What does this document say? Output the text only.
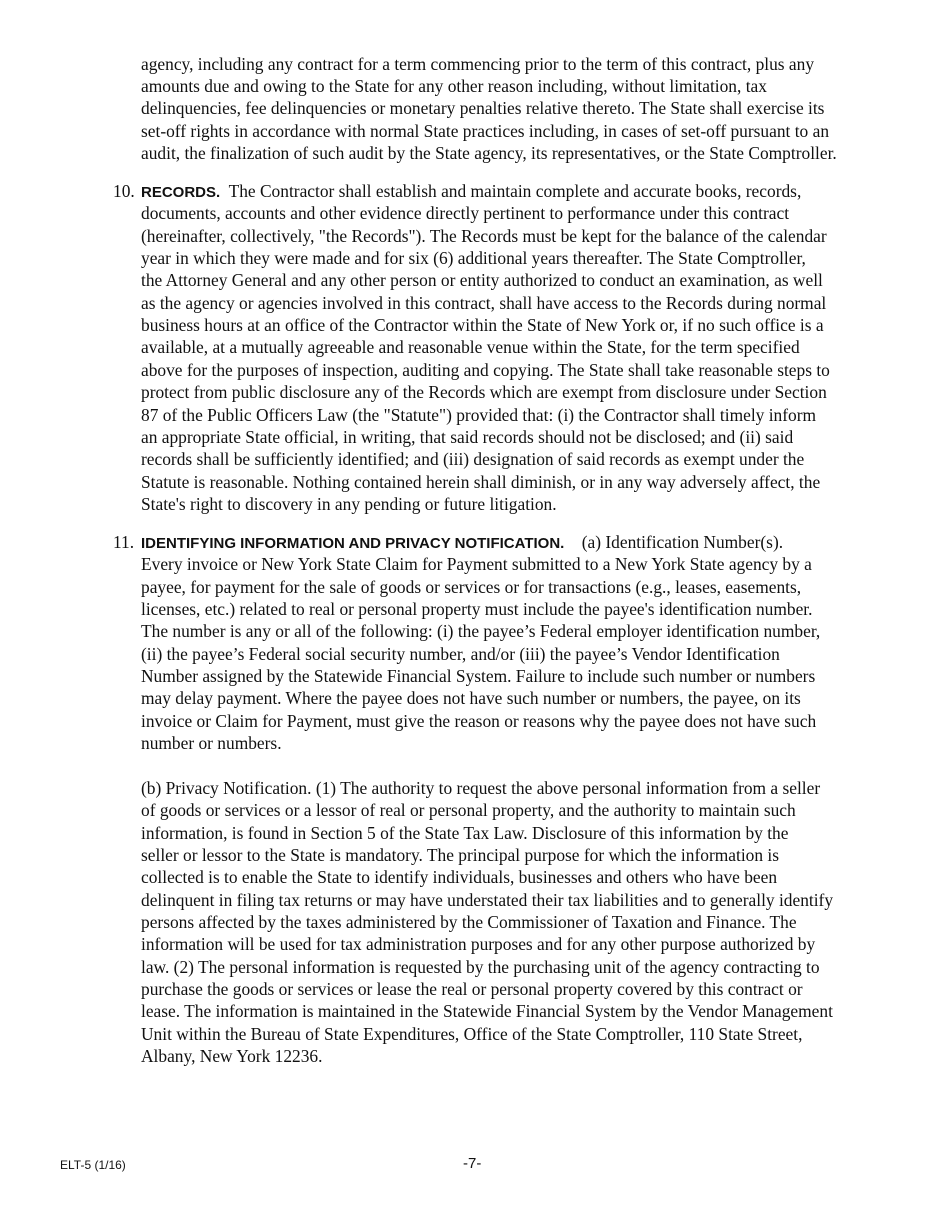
agency, including any contract for a term commencing prior to the term of this contract, plus any

amounts due and owing to the State for any other reason including, without limitation, tax

delinquencies, fee delinquencies or monetary penalties relative thereto. The State shall exercise its

set-off rights in accordance with normal State practices including, in cases of set-off pursuant to an

audit, the finalization of such audit by the State agency, its representatives, or the State Comptroller.

10. RECORDS.  The Contractor shall establish and maintain complete and accurate books, records,

documents, accounts and other evidence directly pertinent to performance under this contract

(hereinafter, collectively, "the Records"). The Records must be kept for the balance of the calendar

year in which they were made and for six (6) additional years thereafter. The State Comptroller,

the Attorney General and any other person or entity authorized to conduct an examination, as well

as the agency or agencies involved in this contract, shall have access to the Records during normal

business hours at an office of the Contractor within the State of New York or, if no such office is a

available, at a mutually agreeable and reasonable venue within the State, for the term specified

above for the purposes of inspection, auditing and copying. The State shall take reasonable steps to

protect from public disclosure any of the Records which are exempt from disclosure under Section

87 of the Public Officers Law (the "Statute") provided that: (i) the Contractor shall timely inform

an appropriate State official, in writing, that said records should not be disclosed; and (ii) said

records shall be sufficiently identified; and (iii) designation of said records as exempt under the

Statute is reasonable. Nothing contained herein shall diminish, or in any way adversely affect, the

State's right to discovery in any pending or future litigation.

11. IDENTIFYING INFORMATION AND PRIVACY NOTIFICATION.    (a) Identification Number(s).

Every invoice or New York State Claim for Payment submitted to a New York State agency by a

payee, for payment for the sale of goods or services or for transactions (e.g., leases, easements,

licenses, etc.) related to real or personal property must include the payee's identification number.

The number is any or all of the following: (i) the payee’s Federal employer identification number,

(ii) the payee’s Federal social security number, and/or (iii) the payee’s Vendor Identification

Number assigned by the Statewide Financial System. Failure to include such number or numbers

may delay payment. Where the payee does not have such number or numbers, the payee, on its

invoice or Claim for Payment, must give the reason or reasons why the payee does not have such

number or numbers.

(b) Privacy Notification. (1) The authority to request the above personal information from a seller

of goods or services or a lessor of real or personal property, and the authority to maintain such

information, is found in Section 5 of the State Tax Law. Disclosure of this information by the

seller or lessor to the State is mandatory. The principal purpose for which the information is

collected is to enable the State to identify individuals, businesses and others who have been

delinquent in filing tax returns or may have understated their tax liabilities and to generally identify

persons affected by the taxes administered by the Commissioner of Taxation and Finance. The

information will be used for tax administration purposes and for any other purpose authorized by

law. (2) The personal information is requested by the purchasing unit of the agency contracting to

purchase the goods or services or lease the real or personal property covered by this contract or

lease. The information is maintained in the Statewide Financial System by the Vendor Management

Unit within the Bureau of State Expenditures, Office of the State Comptroller, 110 State Street,

Albany, New York 12236.

ELT-5 (1/16)	-7-
